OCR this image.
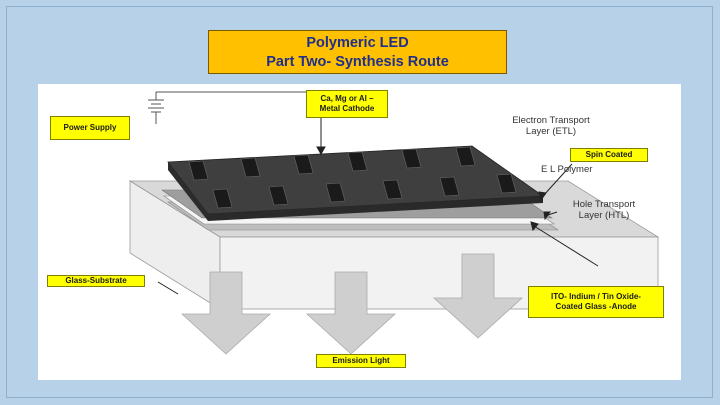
Polymeric LED
Part Two- Synthesis Route
Electron Transport
Layer (ETL)
E L Polymer
Hole Transport
Layer (HTL)
Power Supply
Ca, Mg or Al –
Metal Cathode
Spin Coated
Glass-Substrate
ITO- Indium / Tin Oxide-
Coated Glass -Anode
Emission Light
